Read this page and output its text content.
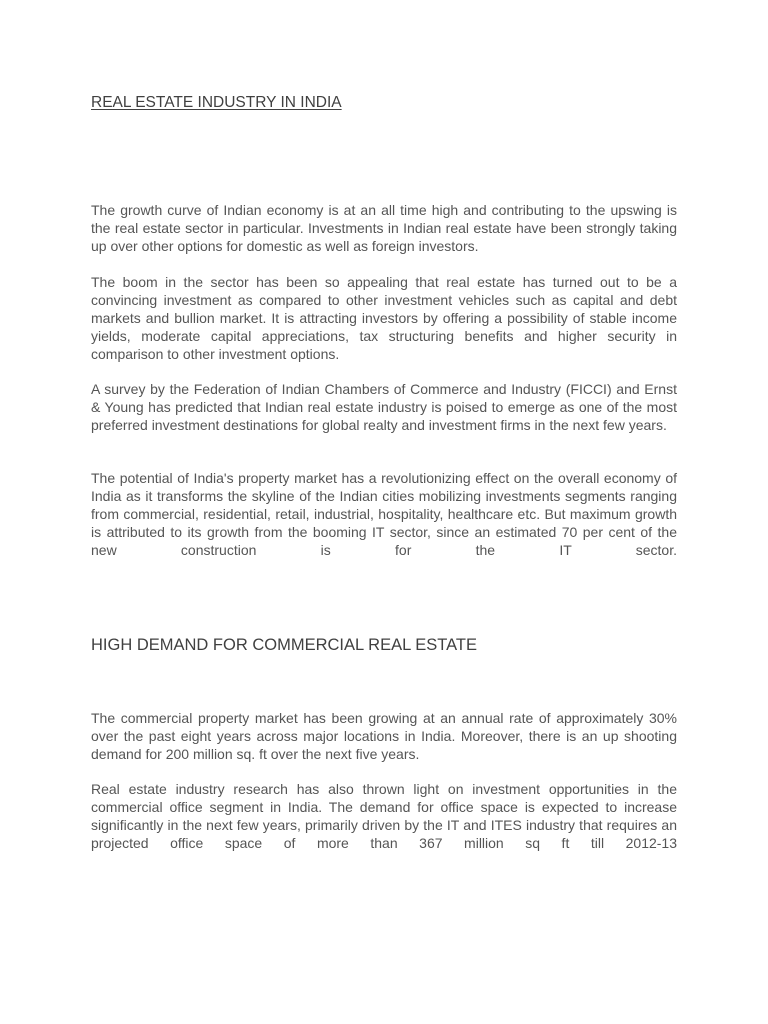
REAL ESTATE INDUSTRY IN INDIA

The growth curve of Indian economy is at an all time high and contributing to the upswing is the real estate sector in particular. Investments in Indian real estate have been strongly taking up over other options for domestic as well as foreign investors.

The boom in the sector has been so appealing that real estate has turned out to be a convincing investment as compared to other investment vehicles such as capital and debt markets and bullion market. It is attracting investors by offering a possibility of stable income yields, moderate capital appreciations, tax structuring benefits and higher security in comparison to other investment options.

A survey by the Federation of Indian Chambers of Commerce and Industry (FICCI) and Ernst & Young has predicted that Indian real estate industry is poised to emerge as one of the most preferred investment destinations for global realty and investment firms in the next few years.

The potential of India's property market has a revolutionizing effect on the overall economy of India as it transforms the skyline of the Indian cities mobilizing investments segments ranging from commercial, residential, retail, industrial, hospitality, healthcare etc. But maximum growth is attributed to its growth from the booming IT sector, since an estimated 70 per cent of the new construction is for the IT sector.

HIGH DEMAND FOR COMMERCIAL REAL ESTATE

The commercial property market has been growing at an annual rate of approximately 30% over the past eight years across major locations in India. Moreover, there is an up shooting demand for 200 million sq. ft over the next five years.

Real estate industry research has also thrown light on investment opportunities in the commercial office segment in India. The demand for office space is expected to increase significantly in the next few years, primarily driven by the IT and ITES industry that requires an projected office space of more than 367 million sq ft till 2012-13
